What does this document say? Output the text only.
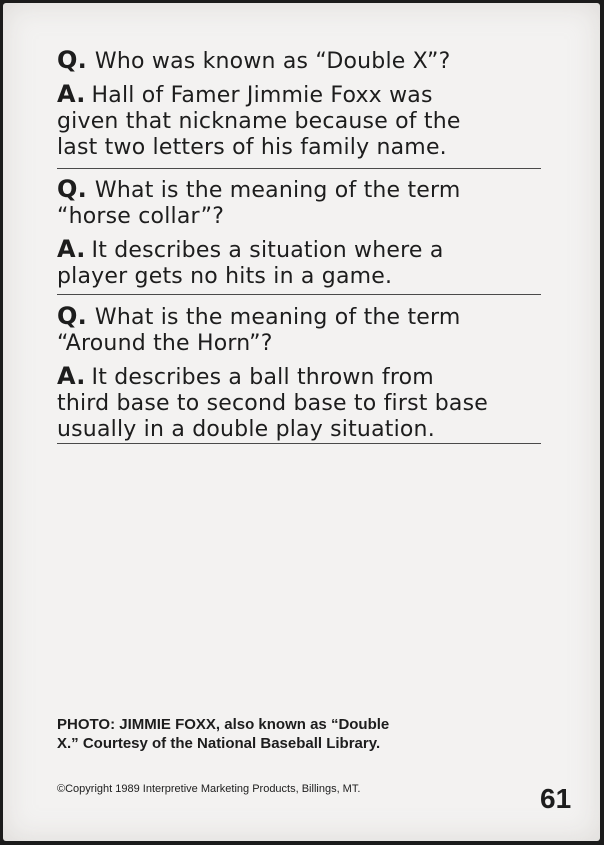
Q. Who was known as “Double X”?

A. Hall of Famer Jimmie Foxx was

given that nickname because of the

last two letters of his family name.

Q. What is the meaning of the term

“horse collar”?

A. It describes a situation where a

player gets no hits in a game.

Q. What is the meaning of the term

“Around the Horn”?

A. It describes a ball thrown from

third base to second base to first base

usually in a double play situation.

PHOTO: JIMMIE FOXX, also known as “Double
X.” Courtesy of the National Baseball Library.
©Copyright 1989 Interpretive Marketing Products, Billings, MT.	61
